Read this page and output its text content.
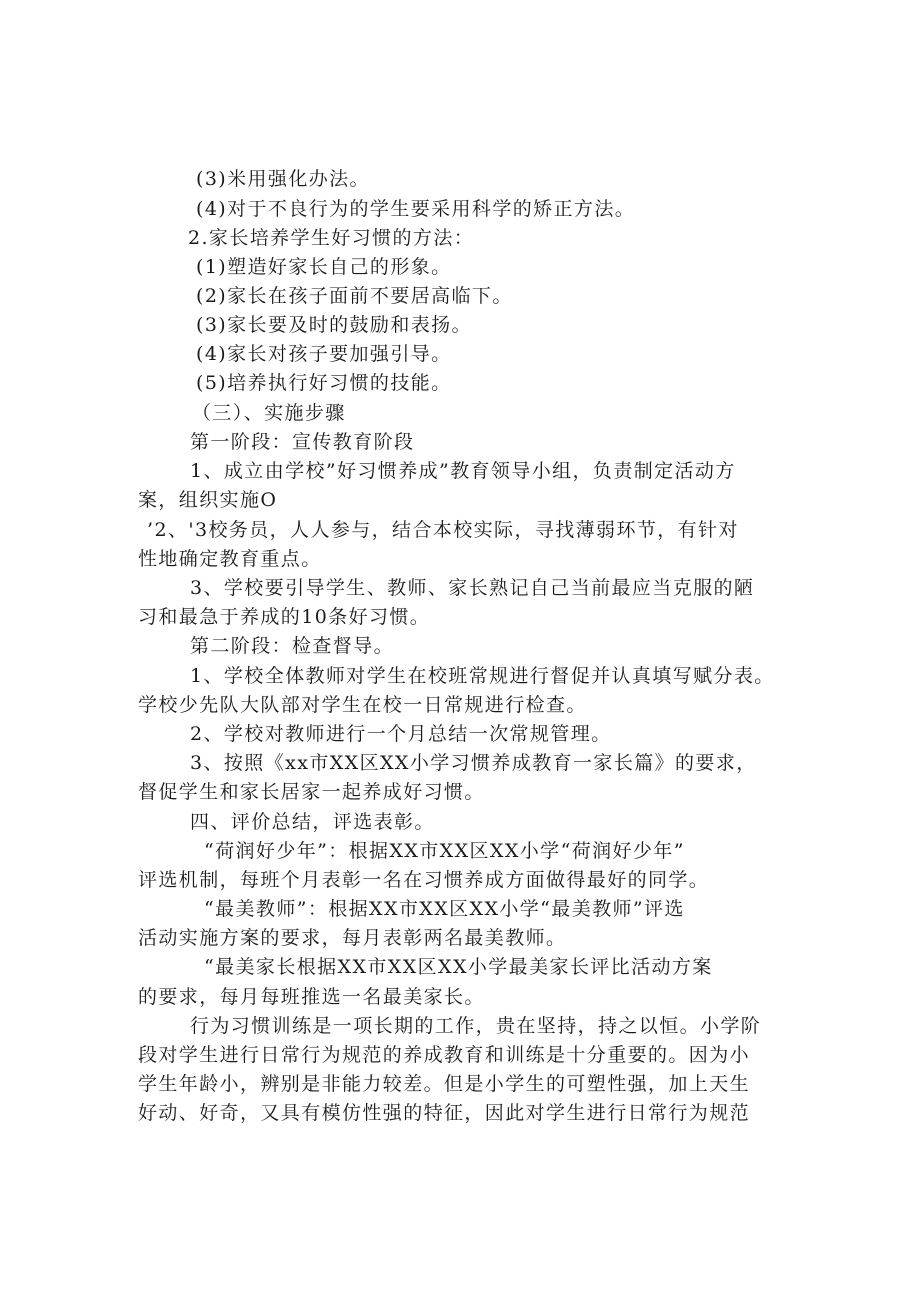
(3)米用强化办法。
(4)对于不良行为的学生要采用科学的矫正方法。
2.家长培养学生好习惯的方法：
(1)塑造好家长自己的形象。
(2)家长在孩子面前不要居高临下。
(3)家长要及时的鼓励和表扬。
(4)家长对孩子要加强引导。
(5)培养执行好习惯的技能。
（三）、实施步骤
第一阶段：宣传教育阶段
1、成立由学校”好习惯养成”教育领导小组，负责制定活动方
案，组织实施O
’2、'3校务员，人人参与，结合本校实际，寻找薄弱环节，有针对
性地确定教育重点。
3、学校要引导学生、教师、家长熟记自己当前最应当克服的陋
习和最急于养成的10条好习惯。
第二阶段：检查督导。
1、学校全体教师对学生在校班常规进行督促并认真填写赋分表。
学校少先队大队部对学生在校一日常规进行检查。
2、学校对教师进行一个月总结一次常规管理。
3、按照《xx市XX区XX小学习惯养成教育一家长篇》的要求，
督促学生和家长居家一起养成好习惯。
四、评价总结，评选表彰。
“荷润好少年”：根据XX市XX区XX小学“荷润好少年”
评选机制，每班个月表彰一名在习惯养成方面做得最好的同学。
“最美教师”：根据XX市XX区XX小学“最美教师”评选
活动实施方案的要求，每月表彰两名最美教师。
“最美家长根据XX市XX区XX小学最美家长评比活动方案
的要求，每月每班推选一名最美家长。
行为习惯训练是一项长期的工作，贵在坚持，持之以恒。小学阶
段对学生进行日常行为规范的养成教育和训练是十分重要的。因为小
学生年龄小，辨别是非能力较差。但是小学生的可塑性强，加上天生
好动、好奇，又具有模仿性强的特征，因此对学生进行日常行为规范
